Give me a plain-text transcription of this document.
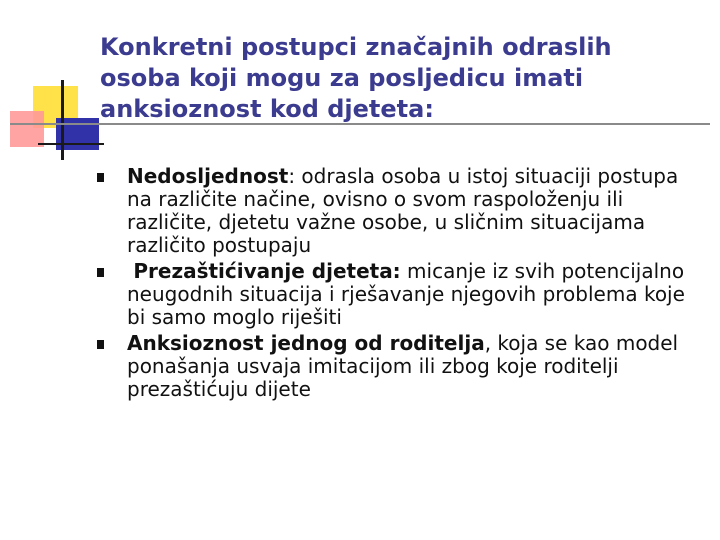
Konkretni postupci značajnih odraslih osoba koji mogu za posljedicu imati anksioznost kod djeteta:
Nedosljednost: odrasla osoba u istoj situaciji postupa na različite načine, ovisno o svom raspoloženju ili različite, djetetu važne osobe, u sličnim situacijama različito postupaju
Prezaštićivanje djeteta: micanje iz svih potencijalno neugodnih situacija i rješavanje njegovih problema koje bi samo moglo riješiti
Anksioznost jednog od roditelja, koja se kao model ponašanja usvaja imitacijom ili zbog koje roditelji prezaštićuju dijete
